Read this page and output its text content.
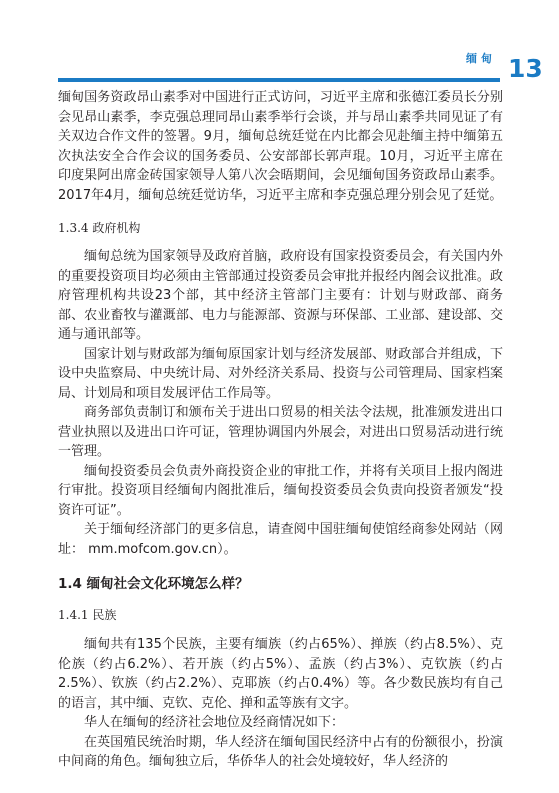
缅甸 13

缅甸国务资政昂山素季对中国进行正式访问，习近平主席和张德江委员长分别会见昂山素季，李克强总理同昂山素季举行会谈，并与昂山素季共同见证了有关双边合作文件的签署。9月，缅甸总统廷觉在内比都会见赴缅主持中缅第五次执法安全合作会议的国务委员、公安部部长郭声琨。10月，习近平主席在印度果阿出席金砖国家领导人第八次会晤期间，会见缅甸国务资政昂山素季。2017年4月，缅甸总统廷觉访华，习近平主席和李克强总理分别会见了廷觉。

1.3.4 政府机构

缅甸总统为国家领导及政府首脑，政府设有国家投资委员会，有关国内外的重要投资项目均必须由主管部通过投资委员会审批并报经内阁会议批准。政府管理机构共设23个部，其中经济主管部门主要有：计划与财政部、商务部、农业畜牧与灌溉部、电力与能源部、资源与环保部、工业部、建设部、交通与通讯部等。

国家计划与财政部为缅甸原国家计划与经济发展部、财政部合并组成，下设中央监察局、中央统计局、对外经济关系局、投资与公司管理局、国家档案局、计划局和项目发展评估工作局等。

商务部负责制订和颁布关于进出口贸易的相关法令法规，批准颁发进出口营业执照以及进出口许可证，管理协调国内外展会，对进出口贸易活动进行统一管理。

缅甸投资委员会负责外商投资企业的审批工作，并将有关项目上报内阁进行审批。投资项目经缅甸内阁批准后，缅甸投资委员会负责向投资者颁发“投资许可证”。

关于缅甸经济部门的更多信息，请查阅中国驻缅甸使馆经商参处网站（网址： mm.mofcom.gov.cn）。

1.4 缅甸社会文化环境怎么样？
1.4.1 民族

缅甸共有135个民族，主要有缅族（约占65%）、掸族（约占8.5%）、克伦族（约占6.2%）、若开族（约占5%）、孟族（约占3%）、克钦族（约占2.5%）、钦族（约占2.2%）、克耶族（约占0.4%）等。各少数民族均有自己的语言，其中缅、克钦、克伦、掸和孟等族有文字。

华人在缅甸的经济社会地位及经商情况如下：

在英国殖民统治时期，华人经济在缅甸国民经济中占有的份额很小，扮演中间商的角色。缅甸独立后，华侨华人的社会处境较好，华人经济的
